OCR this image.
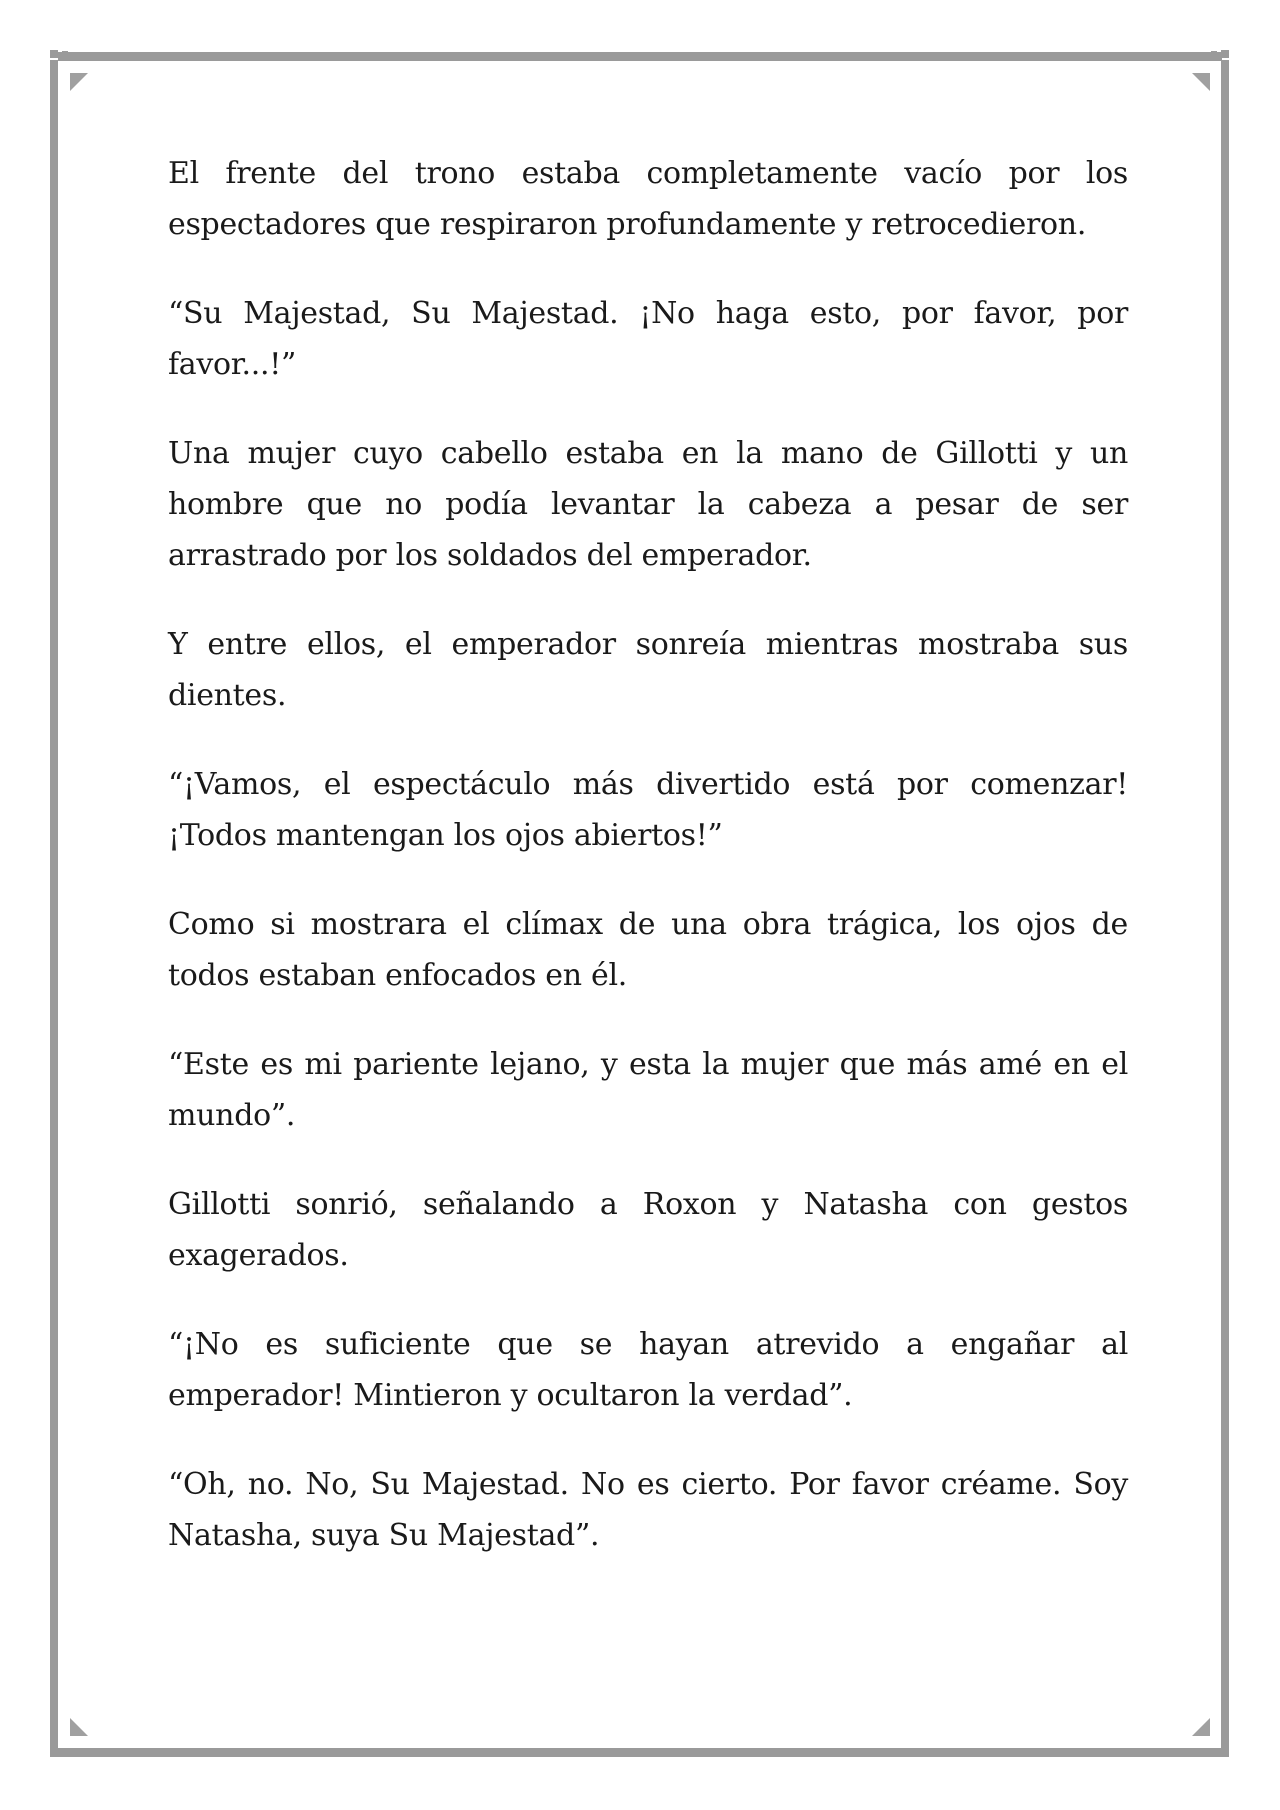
El frente del trono estaba completamente vacío por los espectadores que respiraron profundamente y retrocedieron.

“Su Majestad, Su Majestad. ¡No haga esto, por favor, por favor...!”

Una mujer cuyo cabello estaba en la mano de Gillotti y un hombre que no podía levantar la cabeza a pesar de ser arrastrado por los soldados del emperador.

Y entre ellos, el emperador sonreía mientras mostraba sus dientes.

“¡Vamos, el espectáculo más divertido está por comenzar! ¡Todos mantengan los ojos abiertos!”

Como si mostrara el clímax de una obra trágica, los ojos de todos estaban enfocados en él.

“Este es mi pariente lejano, y esta la mujer que más amé en el mundo”.

Gillotti sonrió, señalando a Roxon y Natasha con gestos exagerados.

“¡No es suficiente que se hayan atrevido a engañar al emperador! Mintieron y ocultaron la verdad”.

“Oh, no. No, Su Majestad. No es cierto. Por favor créame. Soy Natasha, suya Su Majestad”.
